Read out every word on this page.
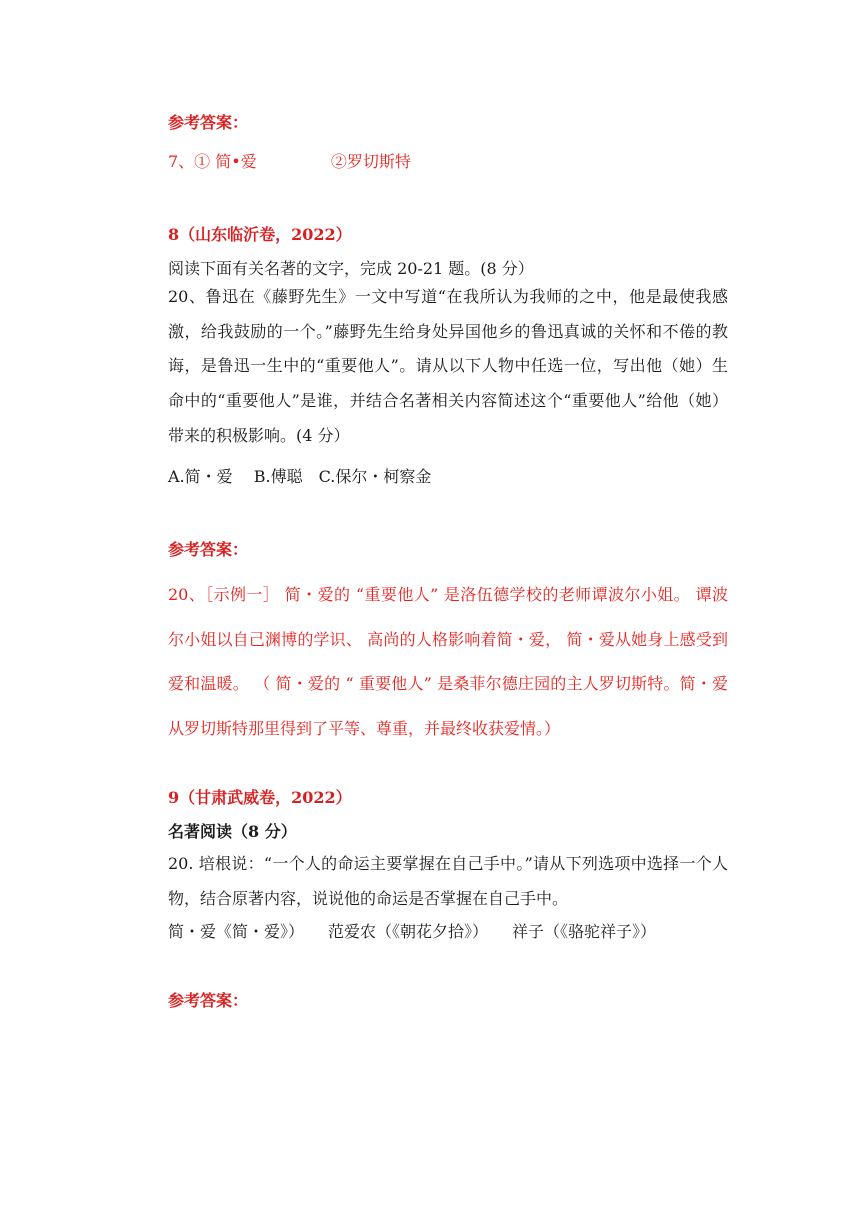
参考答案：
7、① 简•爱	②罗切斯特
8（山东临沂卷，2022）
阅读下面有关名著的文字，完成 20-21 题。(8 分）
20、鲁迅在《藤野先生》一文中写道“在我所认为我师的之中，他是最使我感激，给我鼓励的一个。”藤野先生给身处异国他乡的鲁迅真诚的关怀和不倦的教诲，是鲁迅一生中的“重要他人”。请从以下人物中任选一位，写出他（她）生命中的“重要他人”是谁，并结合名著相关内容简述这个“重要他人”给他（她）带来的积极影响。(4 分）
A.简・爱　 B.傅聪　C.保尔・柯察金
参考答案：
20、［示例一］ 简・爱的 “重要他人” 是洛伍德学校的老师谭波尔小姐。 谭波尔小姐以自己渊博的学识、 高尚的人格影响着简・爱， 简・爱从她身上感受到爱和温暖。 （ 简・爱的 “ 重要他人” 是桑菲尔德庄园的主人罗切斯特。简・爱从罗切斯特那里得到了平等、尊重，并最终收获爱情。）
9（甘肃武威卷，2022）
名著阅读（8 分）
20. 培根说：“一个人的命运主要掌握在自己手中。”请从下列选项中选择一个人物，结合原著内容，说说他的命运是否掌握在自己手中。
简・爱《简・爱》）　　范爱农（《朝花夕拾》）　　祥子（《骆驼祥子》）
参考答案：
